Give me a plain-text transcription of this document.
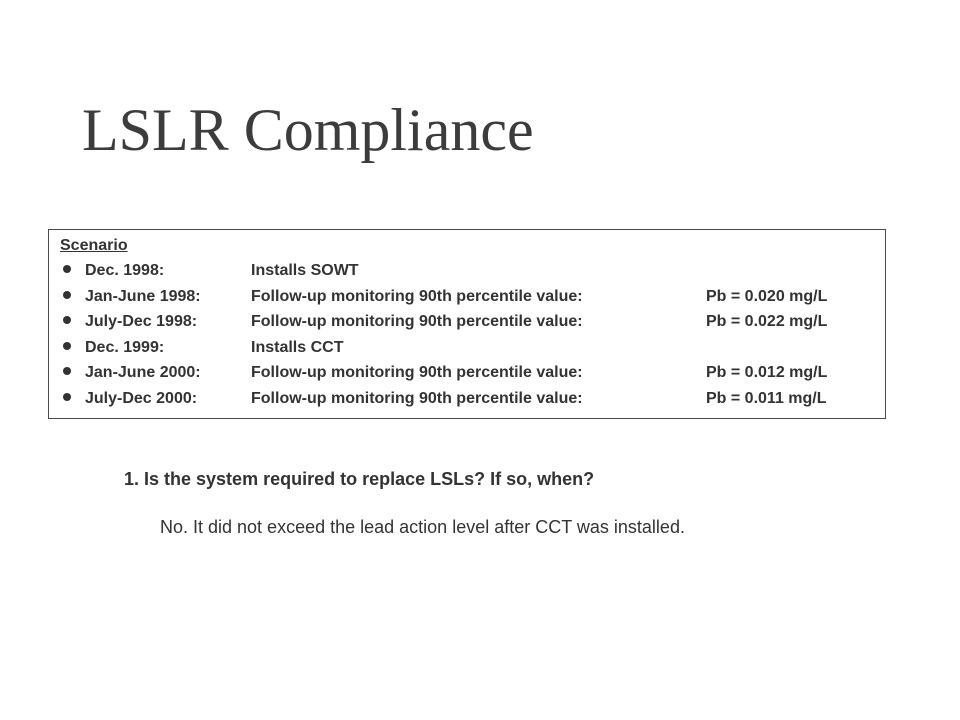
LSLR Compliance
Scenario
Dec. 1998:	Installs SOWT
Jan-June 1998:	Follow-up monitoring 90th percentile value:	Pb = 0.020 mg/L
July-Dec 1998:	Follow-up monitoring 90th percentile value:	Pb = 0.022 mg/L
Dec. 1999:	Installs CCT
Jan-June 2000:	Follow-up monitoring 90th percentile value:	Pb = 0.012 mg/L
July-Dec 2000:	Follow-up monitoring 90th percentile value:	Pb = 0.011 mg/L
1. Is the system required to replace LSLs? If so, when?
No. It did not exceed the lead action level after CCT was installed.
